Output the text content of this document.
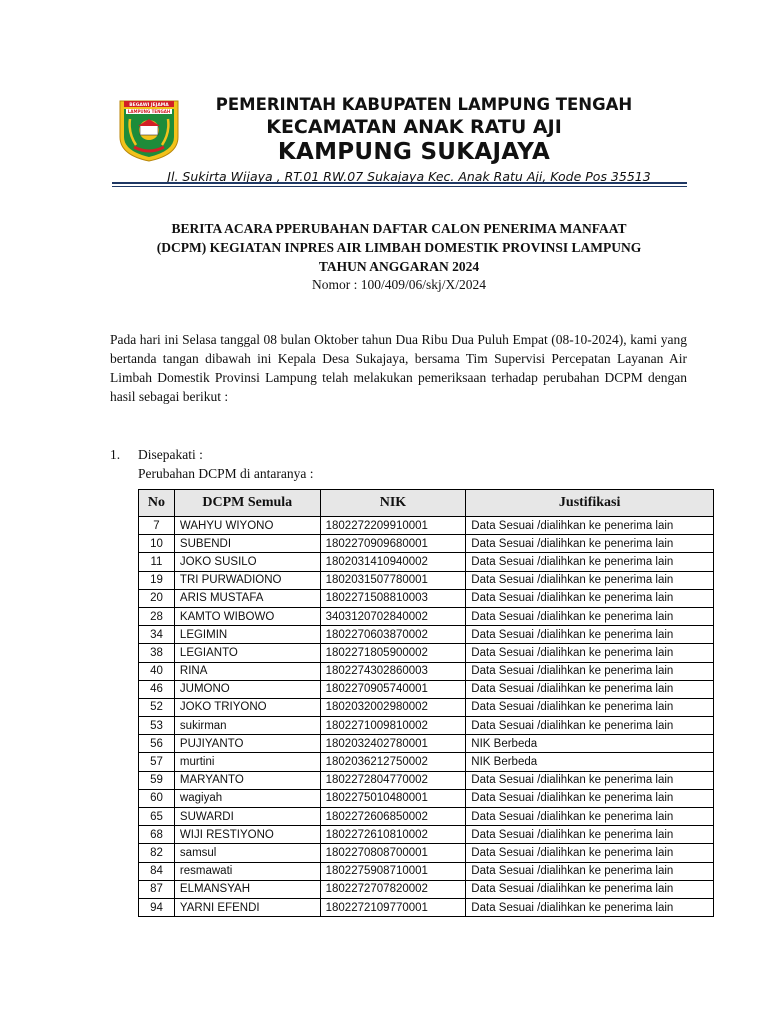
BEGAWI JEJAMA
LAMPUNG TENGAH	PEMERINTAH KABUPATEN LAMPUNG TENGAH
KECAMATAN ANAK RATU AJI
KAMPUNG SUKAJAYA
Jl. Sukirta Wijaya , RT.01 RW.07 Sukajaya Kec. Anak Ratu Aji, Kode Pos 35513
BERITA ACARA PPERUBAHAN DAFTAR CALON PENERIMA MANFAAT
(DCPM) KEGIATAN INPRES AIR LIMBAH DOMESTIK PROVINSI LAMPUNG
TAHUN ANGGARAN 2024
Nomor : 100/409/06/skj/X/2024
Pada hari ini Selasa tanggal 08 bulan Oktober tahun Dua Ribu Dua Puluh Empat (08-10-2024), kami yang bertanda tangan dibawah ini Kepala Desa Sukajaya, bersama Tim Supervisi Percepatan Layanan Air Limbah Domestik Provinsi Lampung telah melakukan pemeriksaan terhadap perubahan DCPM dengan hasil sebagai berikut :
1. Disepakati :
Perubahan DCPM di antaranya :
No	DCPM Semula	NIK	Justifikasi
7	WAHYU WIYONO	1802272209910001	Data Sesuai /dialihkan ke penerima lain
10	SUBENDI	1802270909680001	Data Sesuai /dialihkan ke penerima lain
11	JOKO SUSILO	1802031410940002	Data Sesuai /dialihkan ke penerima lain
19	TRI PURWADIONO	1802031507780001	Data Sesuai /dialihkan ke penerima lain
20	ARIS MUSTAFA	1802271508810003	Data Sesuai /dialihkan ke penerima lain
28	KAMTO WIBOWO	3403120702840002	Data Sesuai /dialihkan ke penerima lain
34	LEGIMIN	1802270603870002	Data Sesuai /dialihkan ke penerima lain
38	LEGIANTO	1802271805900002	Data Sesuai /dialihkan ke penerima lain
40	RINA	1802274302860003	Data Sesuai /dialihkan ke penerima lain
46	JUMONO	1802270905740001	Data Sesuai /dialihkan ke penerima lain
52	JOKO TRIYONO	1802032002980002	Data Sesuai /dialihkan ke penerima lain
53	sukirman	1802271009810002	Data Sesuai /dialihkan ke penerima lain
56	PUJIYANTO	1802032402780001	NIK Berbeda
57	murtini	1802036212750002	NIK Berbeda
59	MARYANTO	1802272804770002	Data Sesuai /dialihkan ke penerima lain
60	wagiyah	1802275010480001	Data Sesuai /dialihkan ke penerima lain
65	SUWARDI	1802272606850002	Data Sesuai /dialihkan ke penerima lain
68	WIJI RESTIYONO	1802272610810002	Data Sesuai /dialihkan ke penerima lain
82	samsul	1802270808700001	Data Sesuai /dialihkan ke penerima lain
84	resmawati	1802275908710001	Data Sesuai /dialihkan ke penerima lain
87	ELMANSYAH	1802272707820002	Data Sesuai /dialihkan ke penerima lain
94	YARNI EFENDI	1802272109770001	Data Sesuai /dialihkan ke penerima lain
